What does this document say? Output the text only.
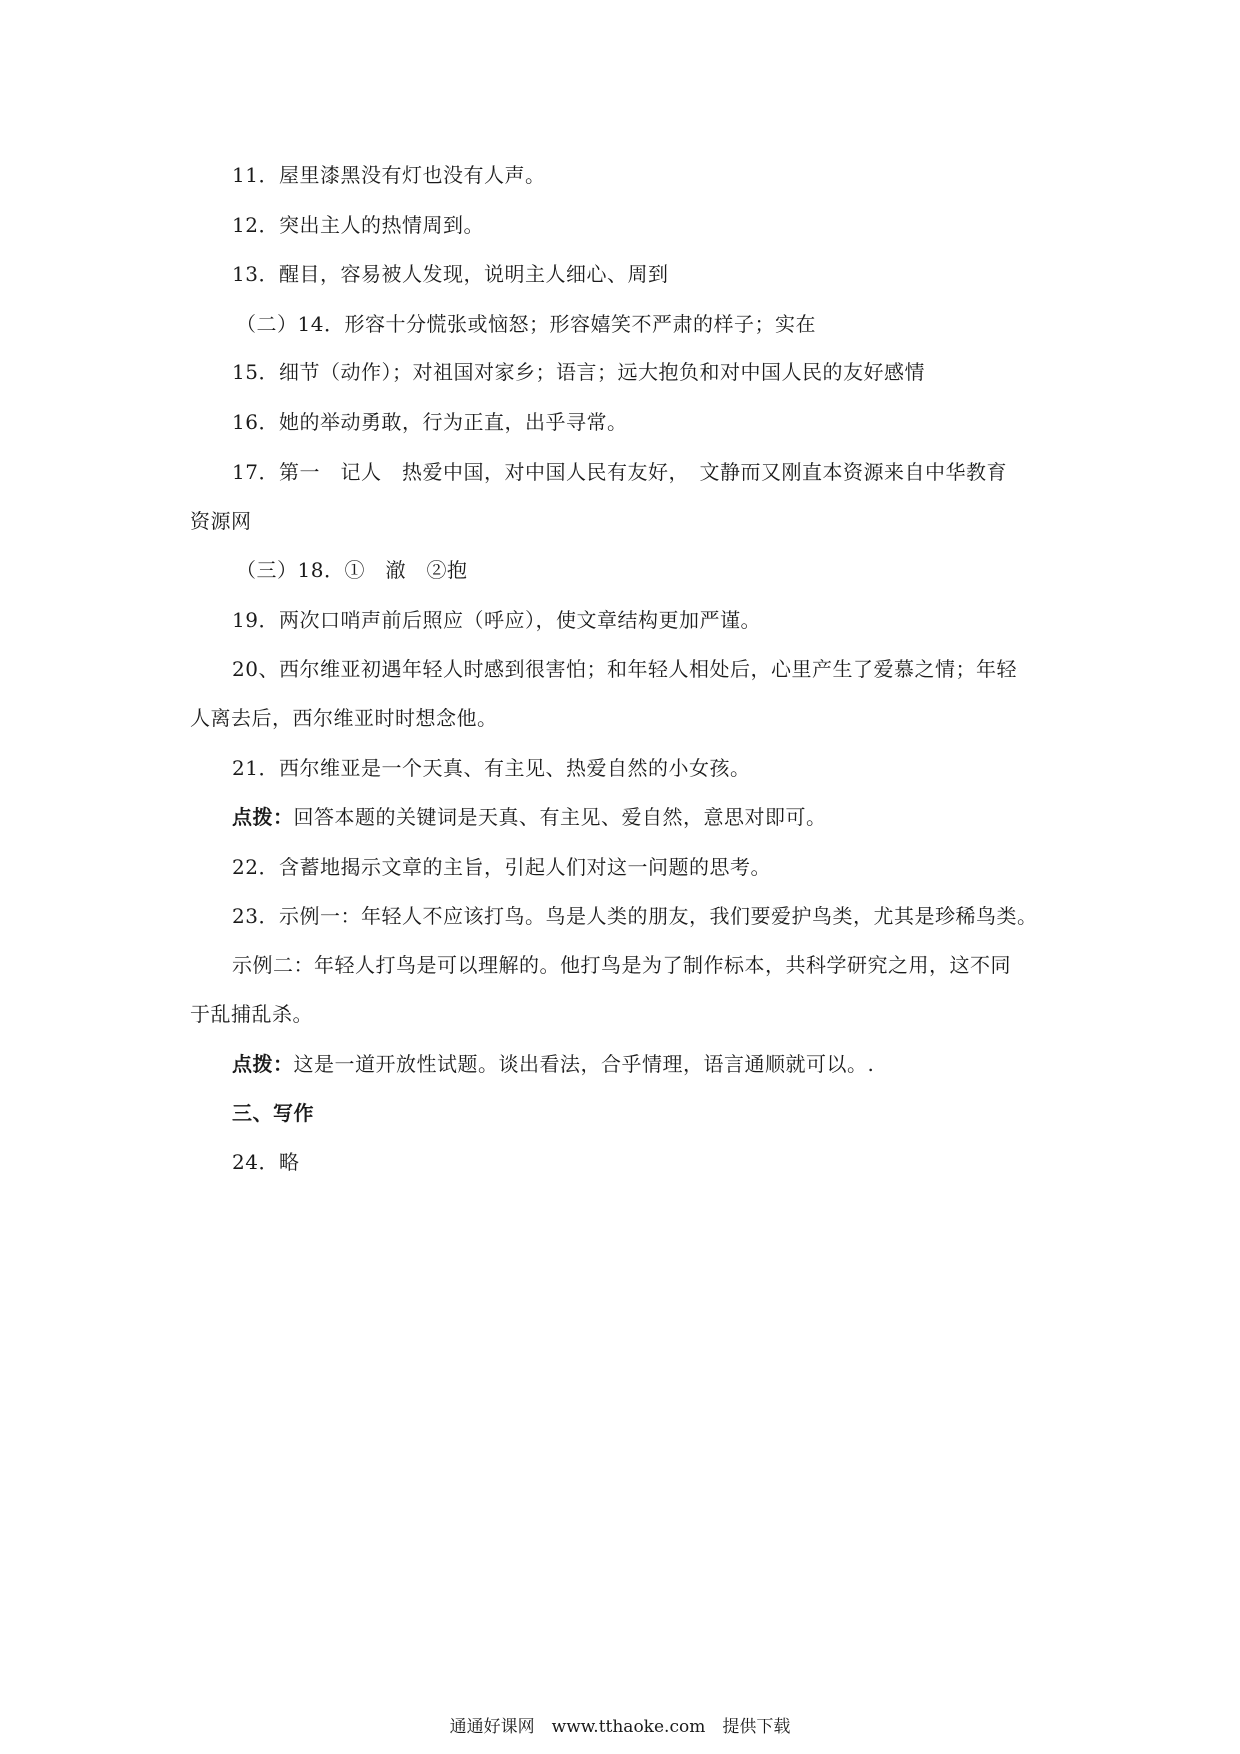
11．屋里漆黑没有灯也没有人声。
12．突出主人的热情周到。
13．醒目，容易被人发现，说明主人细心、周到
（二）14．形容十分慌张或恼怒；形容嬉笑不严肃的样子；实在
15．细节（动作）；对祖国对家乡；语言；远大抱负和对中国人民的友好感情
16．她的举动勇敢，行为正直，出乎寻常。
17．第一　记人　热爱中国，对中国人民有友好，　文静而又刚直本资源来自中华教育
资源网
（三）18．①　澈　②抱
19．两次口哨声前后照应（呼应），使文章结构更加严谨。
20、西尔维亚初遇年轻人时感到很害怕；和年轻人相处后，心里产生了爱慕之情；年轻
人离去后，西尔维亚时时想念他。
21．西尔维亚是一个天真、有主见、热爱自然的小女孩。
点拨：回答本题的关键词是天真、有主见、爱自然，意思对即可。
22．含蓄地揭示文章的主旨，引起人们对这一问题的思考。
23．示例一：年轻人不应该打鸟。鸟是人类的朋友，我们要爱护鸟类，尤其是珍稀鸟类。
示例二：年轻人打鸟是可以理解的。他打鸟是为了制作标本，共科学研究之用，这不同
于乱捕乱杀。
点拨：这是一道开放性试题。谈出看法，合乎情理，语言通顺就可以。.
三、写作
24．略
通通好课网　www.tthaoke.com　提供下载
